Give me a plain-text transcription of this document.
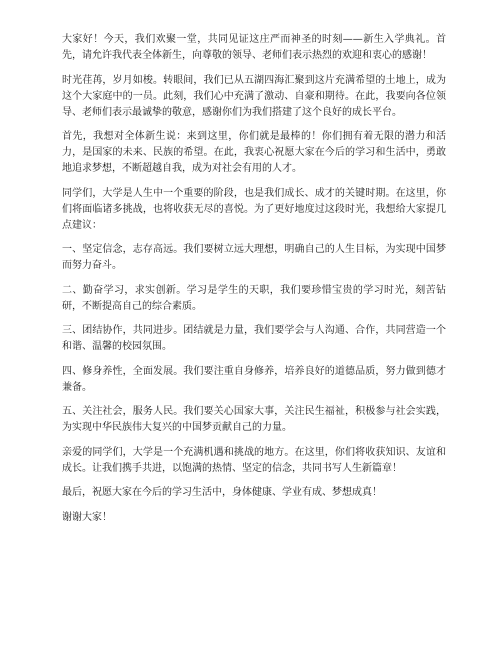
大家好！今天，我们欢聚一堂，共同见证这庄严而神圣的时刻——新生入学典礼。首先，请允许我代表全体新生，向尊敬的领导、老师们表示热烈的欢迎和衷心的感谢！

时光荏苒，岁月如梭。转眼间，我们已从五湖四海汇聚到这片充满希望的土地上，成为这个大家庭中的一员。此刻，我们心中充满了激动、自豪和期待。在此，我要向各位领导、老师们表示最诚挚的敬意，感谢你们为我们搭建了这个良好的成长平台。

首先，我想对全体新生说：来到这里，你们就是最棒的！你们拥有着无限的潜力和活力，是国家的未来、民族的希望。在此，我衷心祝愿大家在今后的学习和生活中，勇敢地追求梦想，不断超越自我，成为对社会有用的人才。

同学们，大学是人生中一个重要的阶段，也是我们成长、成才的关键时期。在这里，你们将面临诸多挑战，也将收获无尽的喜悦。为了更好地度过这段时光，我想给大家提几点建议：

一、坚定信念，志存高远。我们要树立远大理想，明确自己的人生目标，为实现中国梦而努力奋斗。

二、勤奋学习，求实创新。学习是学生的天职，我们要珍惜宝贵的学习时光，刻苦钻研，不断提高自己的综合素质。

三、团结协作，共同进步。团结就是力量，我们要学会与人沟通、合作，共同营造一个和谐、温馨的校园氛围。

四、修身养性，全面发展。我们要注重自身修养，培养良好的道德品质，努力做到德才兼备。

五、关注社会，服务人民。我们要关心国家大事，关注民生福祉，积极参与社会实践，为实现中华民族伟大复兴的中国梦贡献自己的力量。

亲爱的同学们，大学是一个充满机遇和挑战的地方。在这里，你们将收获知识、友谊和成长。让我们携手共进，以饱满的热情、坚定的信念，共同书写人生新篇章！

最后，祝愿大家在今后的学习生活中，身体健康、学业有成、梦想成真！

谢谢大家！
